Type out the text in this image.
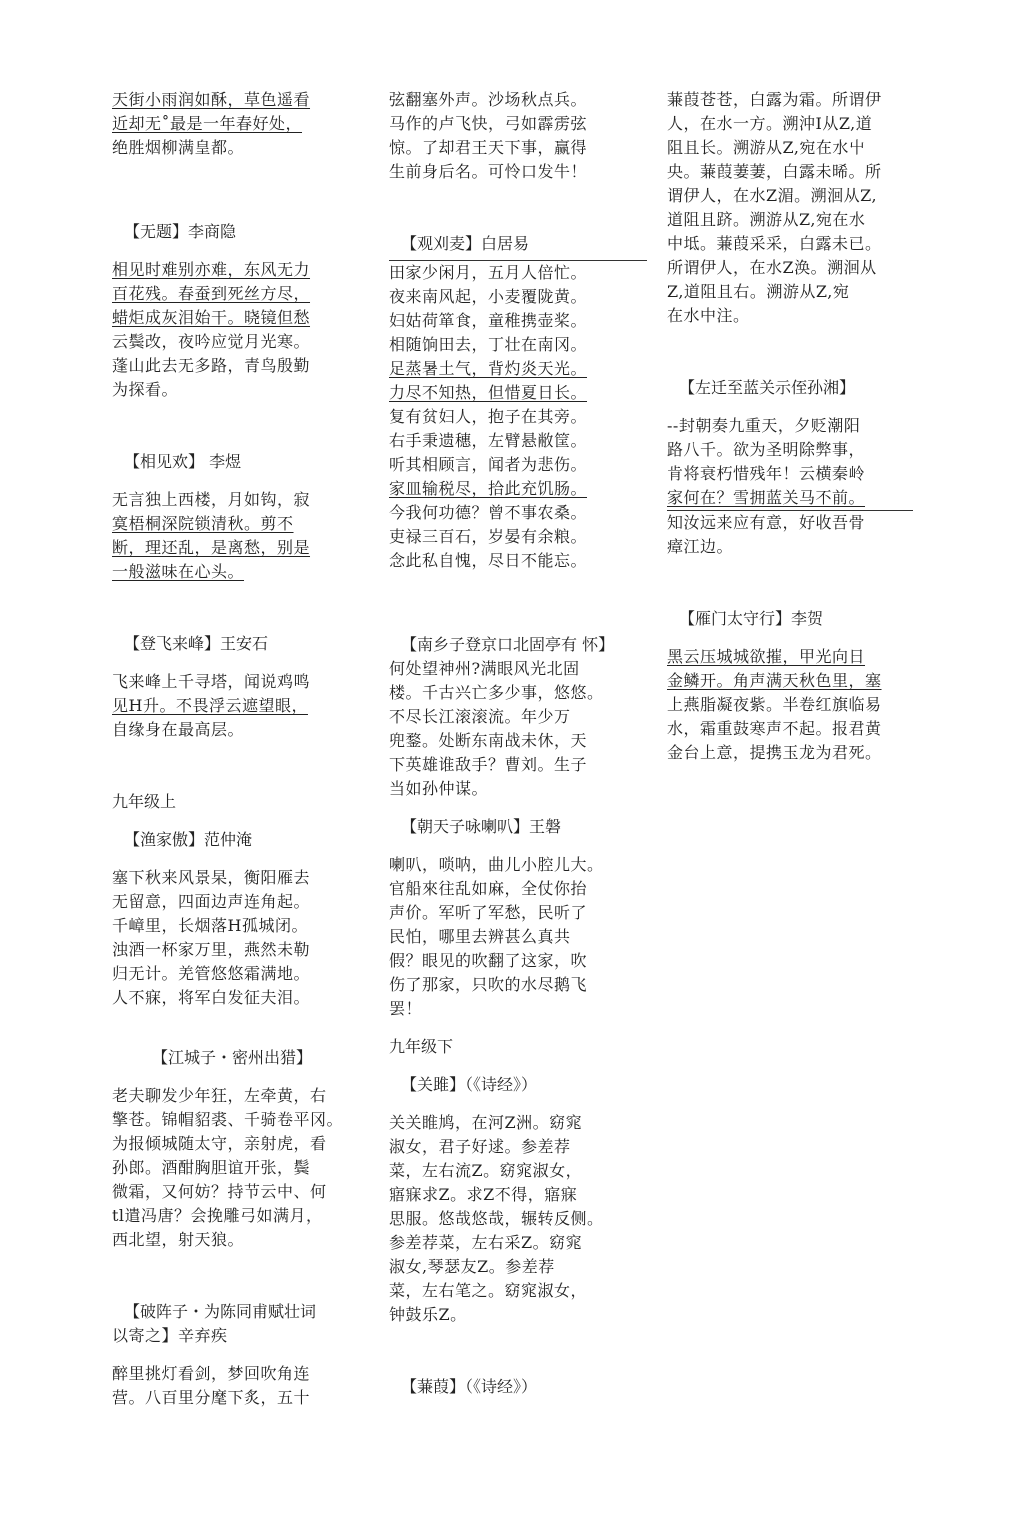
天街小雨润如酥，草色遥看
近却无˚最是一年春好处，
绝胜烟柳满皇都。
【无题】李商隐
相见时难别亦难，东风无力
百花残。春蚕到死丝方尽，
蜡炬成灰泪始干。晓镜但愁
云鬓改，夜吟应觉月光寒。
蓬山此去无多路，青鸟殷勤
为探看。
【相见欢】 李煜
无言独上西楼，月如钩，寂
寞梧桐深院锁清秋。剪不
断，理还乱，是离愁，别是
一般滋味在心头。
【登飞来峰】王安石
飞来峰上千寻塔，闻说鸡鸣
见H升。不畏浮云遮望眼，
自缘身在最高层。
九年级上
【渔家傲】范仲淹
塞下秋来风景杲，衡阳雁去
无留意，四面边声连角起。
千嶂里，长烟落H孤城闭。
浊酒一杯家万里，燕然未勒
归无计。羌管悠悠霜满地。
人不寐，将军白发征夫泪。
【江城子・密州出猎】
老夫聊发少年狂，左牵黄，右
擎苍。锦帽貂裘、千骑卷平冈。
为报倾城随太守，亲射虎，看
孙郎。酒酣胸胆谊开张，鬓
微霜，又何妨？持节云中、何
tl遣冯唐？会挽雕弓如满月，
西北望，射天狼。
【破阵子・为陈同甫赋壮词
以寄之】辛弃疾
醉里挑灯看剑，梦回吹角连
营。八百里分麾下炙，五十
弦翻塞外声。沙场秋点兵。
马作的卢飞快，弓如霹雳弦
惊。了却君王天下事，赢得
生前身后名。可怜口发牛！
【观刈麦】白居易
田家少闲月，五月人倍忙。
夜来南风起，小麦覆陇黄。
妇姑荷箪食，童稚携壶桨。
相随饷田去，丁壮在南冈。
足蒸暑土气，背灼炎天光。
力尽不知热，但惜夏日长。
复有贫妇人，抱子在其旁。
右手秉遗穗，左臂悬敝筐。
听其相顾言，闻者为悲伤。
家皿输税尽，拾此充饥肠。
今我何功德？曾不事农桑。
吏禄三百石，岁晏有余粮。
念此私自愧，尽日不能忘。
【南乡子登京口北固亭有 怀】
何处望神州?满眼风光北固
楼。千古兴亡多少事，悠悠。
不尽长江滚滚流。年少万
兜鍪。处断东南战未休，天
下英雄谁敌手？曹刘。生子
当如孙仲谋。
【朝天子咏喇叭】王磐
喇叭，唢呐，曲儿小腔儿大。
官船來往乱如麻，全仗你抬
声价。军听了军愁，民听了
民怕，哪里去辨甚么真共
假？眼见的吹翻了这家，吹
伤了那家，只吹的水尽鹅飞
罢！
九年级下
【关雎】（《诗经》）
关关睢鸠，在河Z洲。窈窕
淑女，君子好逑。参差荐
菜，左右流Z。窈窕淑女，
寤寐求Z。求Z不得，寤寐
思服。悠哉悠哉，辗转反侧。
参差荐菜，左右采Z。窈窕
淑女,琴瑟友Z。参差荐
菜，左右笔之。窈窕淑女，
钟鼓乐Z。
【蒹葭】（《诗经》）
蒹葭苍苍，白露为霜。所谓伊
人，在水一方。溯沖I从Z,道
阻且长。溯游从Z,宛在水屮
央。蒹葭萋萋，白露未晞。所
谓伊人，在水Z湄。溯洄从Z,
道阻且跻。溯游从Z,宛在水
中坻。蒹葭采采，白露未已。
所谓伊人，在水Z涣。溯洄从
Z,道阻且右。溯游从Z,宛
在水中注。
【左迁至蓝关示侄孙湘】
--封朝奏九重天，夕贬潮阳
路八千。欲为圣明除弊事，
肯将衰朽惜残年！云横秦岭
家何在？雪拥蓝关马不前。
知汝远来应有意，好收吾骨
瘴江边。
【雁门太守行】李贺
黑云压城城欲摧，甲光向日
金鳞开。角声满天秋色里，塞
上燕脂凝夜紫。半卷红旗临易
水，霜重鼓寒声不起。报君黄
金台上意，提携玉龙为君死。
